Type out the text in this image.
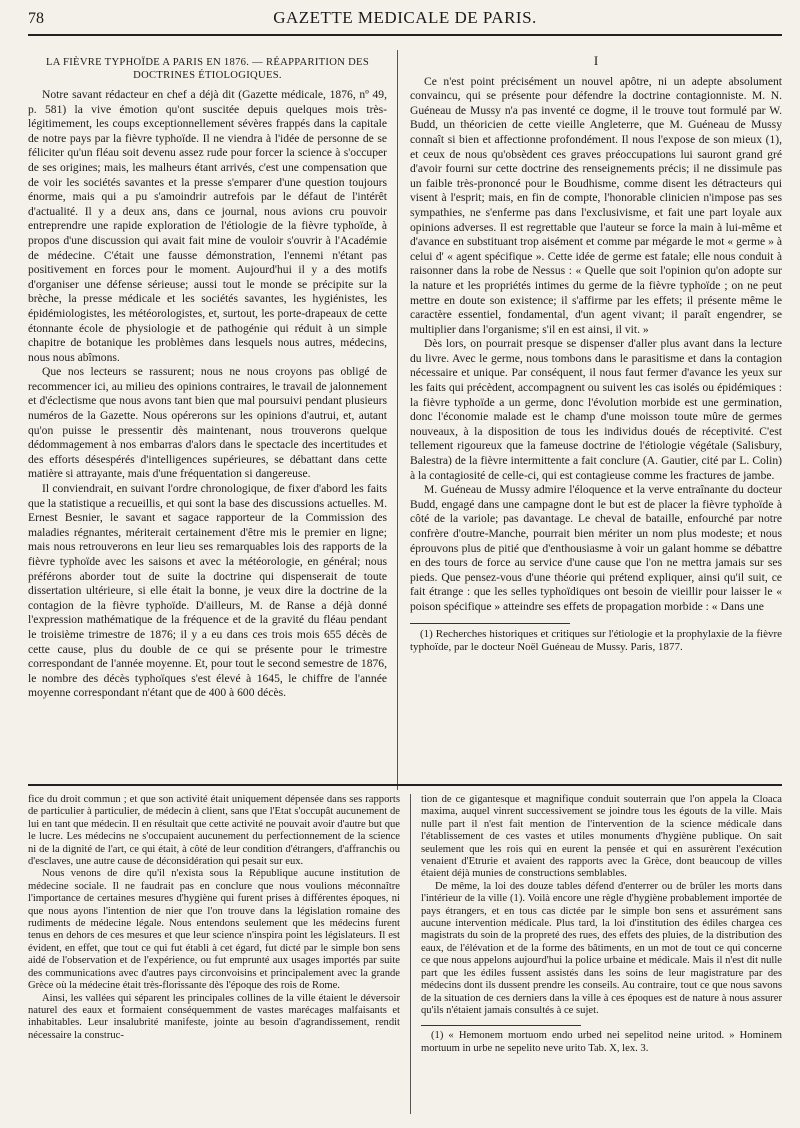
78	GAZETTE MEDICALE DE PARIS.
LA FIÈVRE TYPHOÏDE A PARIS EN 1876. — RÉAPPARITION DES
DOCTRINES ÉTIOLOGIQUES.

Notre savant rédacteur en chef a déjà dit (Gazette médicale, 1876, nº 49, p. 581) la vive émotion qu'ont suscitée depuis quelques mois très-légitimement, les coups exceptionnellement sévères frappés dans la capitale de notre pays par la fièvre typhoïde. Il ne viendra à l'idée de personne de se féliciter qu'un fléau soit devenu assez rude pour forcer la science à s'occuper de ses origines; mais, les malheurs étant arrivés, c'est une compensation que de voir les sociétés savantes et la presse s'emparer d'une question toujours énorme, mais qui a pu s'amoindrir autrefois par le défaut de l'intérêt d'actualité. Il y a deux ans, dans ce journal, nous avions cru pouvoir entreprendre une rapide exploration de l'étiologie de la fièvre typhoïde, à propos d'une discussion qui avait fait mine de vouloir s'ouvrir à l'Académie de médecine. C'était une fausse démonstration, l'ennemi n'étant pas positivement en forces pour le moment. Aujourd'hui il y a des motifs d'organiser une défense sérieuse; aussi tout le monde se précipite sur la brèche, la presse médicale et les sociétés savantes, les hygiénistes, les épidémiologistes, les météorologistes, et, surtout, les porte-drapeaux de cette étonnante école de physiologie et de pathogénie qui réduit à un simple chapitre de botanique les problèmes dans lesquels nous autres, médecins, nous nous abîmons.

Que nos lecteurs se rassurent; nous ne nous croyons pas obligé de recommencer ici, au milieu des opinions contraires, le travail de jalonnement et d'éclectisme que nous avons tant bien que mal poursuivi pendant plusieurs numéros de la Gazette. Nous opérerons sur les opinions d'autrui, et, autant qu'on puisse le pressentir dès maintenant, nous trouverons quelque dédommagement à nos embarras d'alors dans le spectacle des incertitudes et des efforts désespérés d'intelligences supérieures, se débattant dans cette matière si attrayante, mais d'une fréquentation si dangereuse.

Il conviendrait, en suivant l'ordre chronologique, de fixer d'abord les faits que la statistique a recueillis, et qui sont la base des discussions actuelles. M. Ernest Besnier, le savant et sagace rapporteur de la Commission des maladies régnantes, mériterait certainement d'être mis le premier en ligne; mais nous retrouverons en leur lieu ses remarquables lois des rapports de la fièvre typhoïde avec les saisons et avec la météorologie, en général; nous préférons aborder tout de suite la doctrine qui dispenserait de toute dissertation ultérieure, si elle était la bonne, je veux dire la doctrine de la contagion de la fièvre typhoïde. D'ailleurs, M. de Ranse a déjà donné l'expression mathématique de la fréquence et de la gravité du fléau pendant le troisième trimestre de 1876; il y a eu dans ces trois mois 655 décès de cette cause, plus du double de ce qui se présente pour le trimestre correspondant de l'année moyenne. Et, pour tout le second semestre de 1876, le nombre des décès typhoïques s'est élevé à 1645, le chiffre de l'année moyenne correspondant n'étant que de 400 à 600 décès.

I

Ce n'est point précisément un nouvel apôtre, ni un adepte absolument convaincu, qui se présente pour défendre la doctrine contagionniste. M. N. Guéneau de Mussy n'a pas inventé ce dogme, il le trouve tout formulé par W. Budd, un théoricien de cette vieille Angleterre, que M. Guéneau de Mussy connaît si bien et affectionne profondément. Il nous l'expose de son mieux (1), et ceux de nous qu'obsèdent ces graves préoccupations lui sauront grand gré d'avoir fourni sur cette doctrine des renseignements précis; il ne dissimule pas un faible très-prononcé pour le Boudhisme, comme disent les détracteurs qui visent à l'esprit; mais, en fin de compte, l'honorable clinicien n'impose pas ses sympathies, ne s'enferme pas dans l'exclusivisme, et fait une part loyale aux opinions adverses. Il est regrettable que l'auteur se force la main à lui-même et d'avance en substituant trop aisément et comme par mégarde le mot « germe » à celui d' « agent spécifique ». Cette idée de germe est fatale; elle nous conduit à raisonner dans la robe de Nessus : « Quelle que soit l'opinion qu'on adopte sur la nature et les propriétés intimes du germe de la fièvre typhoïde ; on ne peut mettre en doute son existence; il s'affirme par les effets; il présente même le caractère essentiel, fondamental, d'un agent vivant; il paraît engendrer, se multiplier dans l'organisme; s'il en est ainsi, il vit. »

Dès lors, on pourrait presque se dispenser d'aller plus avant dans la lecture du livre. Avec le germe, nous tombons dans le parasitisme et dans la contagion nécessaire et unique. Par conséquent, il nous faut fermer d'avance les yeux sur les faits qui précèdent, accompagnent ou suivent les cas isolés ou épidémiques : la fièvre typhoïde a un germe, donc l'évolution morbide est une germination, donc l'économie malade est le champ d'une moisson toute mûre de germes nouveaux, à la disposition de tous les individus doués de réceptivité. C'est tellement rigoureux que la fameuse doctrine de l'étiologie végétale (Salisbury, Balestra) de la fièvre intermittente a fait conclure (A. Gautier, cité par L. Colin) à la contagiosité de celle-ci, qui est contagieuse comme les fractures de jambe.

M. Guéneau de Mussy admire l'éloquence et la verve entraînante du docteur Budd, engagé dans une campagne dont le but est de placer la fièvre typhoïde à côté de la variole; pas davantage. Le cheval de bataille, enfourché par notre confrère d'outre-Manche, pourrait bien mériter un nom plus modeste; et nous éprouvons plus de pitié que d'enthousiasme à voir un galant homme se débattre en des tours de force au service d'une cause que l'on ne mettra jamais sur ses pieds. Que pensez-vous d'une théorie qui prétend expliquer, ainsi qu'il suit, ce fait étrange : que les selles typhoïdiques ont besoin de vieillir pour laisser le « poison spécifique » atteindre ses effets de propagation morbide : « Dans une

(1) Recherches historiques et critiques sur l'étiologie et la prophylaxie de la fièvre typhoïde, par le docteur Noël Guéneau de Mussy. Paris, 1877.

fice du droit commun ; et que son activité était uniquement dépensée dans ses rapports de particulier à particulier, de médecin à client, sans que l'Etat s'occupât aucunement de lui en tant que médecin. Il en résultait que cette activité ne pouvait avoir d'autre but que le lucre. Les médecins ne s'occupaient aucunement du perfectionnement de la science ni de la dignité de l'art, ce qui était, à côté de leur condition d'étrangers, d'affranchis ou d'esclaves, une autre cause de déconsidération qui pesait sur eux.

Nous venons de dire qu'il n'exista sous la République aucune institution de médecine sociale. Il ne faudrait pas en conclure que nous voulions méconnaître l'importance de certaines mesures d'hygiène qui furent prises à différentes époques, ni que nous ayons l'intention de nier que l'on trouve dans la législation romaine des rudiments de médecine légale. Nous entendons seulement que les médecins furent tenus en dehors de ces mesures et que leur science n'inspira point les législateurs. Il est évident, en effet, que tout ce qui fut établi à cet égard, fut dicté par le simple bon sens aidé de l'observation et de l'expérience, ou fut emprunté aux usages importés par suite des communications avec d'autres pays circonvoisins et principalement avec la grande Grèce où la médecine était très-florissante dès l'époque des rois de Rome.

Ainsi, les vallées qui séparent les principales collines de la ville étaient le déversoir naturel des eaux et formaient conséquemment de vastes marécages malfaisants et inhabitables. Leur insalubrité manifeste, jointe au besoin d'agrandissement, rendit nécessaire la construc-

tion de ce gigantesque et magnifique conduit souterrain que l'on appela la Cloaca maxima, auquel vinrent successivement se joindre tous les égouts de la ville. Mais nulle part il n'est fait mention de l'intervention de la science médicale dans l'établissement de ces vastes et utiles monuments d'hygiène publique. On sait seulement que les rois qui en eurent la pensée et qui en assurèrent l'exécution venaient d'Etrurie et avaient des rapports avec la Grèce, dont beaucoup de villes étaient déjà munies de constructions semblables.

De même, la loi des douze tables défend d'enterrer ou de brûler les morts dans l'intérieur de la ville (1). Voilà encore une règle d'hygiène probablement importée de pays étrangers, et en tous cas dictée par le simple bon sens et assurément sans aucune intervention médicale. Plus tard, la loi d'institution des édiles chargea ces magistrats du soin de la propreté des rues, des effets des pluies, de la distribution des eaux, de l'élévation et de la forme des bâtiments, en un mot de tout ce qui concerne ce que nous appelons aujourd'hui la police urbaine et médicale. Mais il n'est dit nulle part que les édiles fussent assistés dans les soins de leur magistrature par des médecins dont ils dussent prendre les conseils. Au contraire, tout ce que nous savons de la situation de ces derniers dans la ville à ces époques est de nature à nous assurer qu'ils n'étaient jamais consultés à ce sujet.

(1) « Hemonem mortuom endo urbed nei sepelitod neine uritod. » Hominem mortuum in urbe ne sepelito neve urito Tab. X, lex. 3.
